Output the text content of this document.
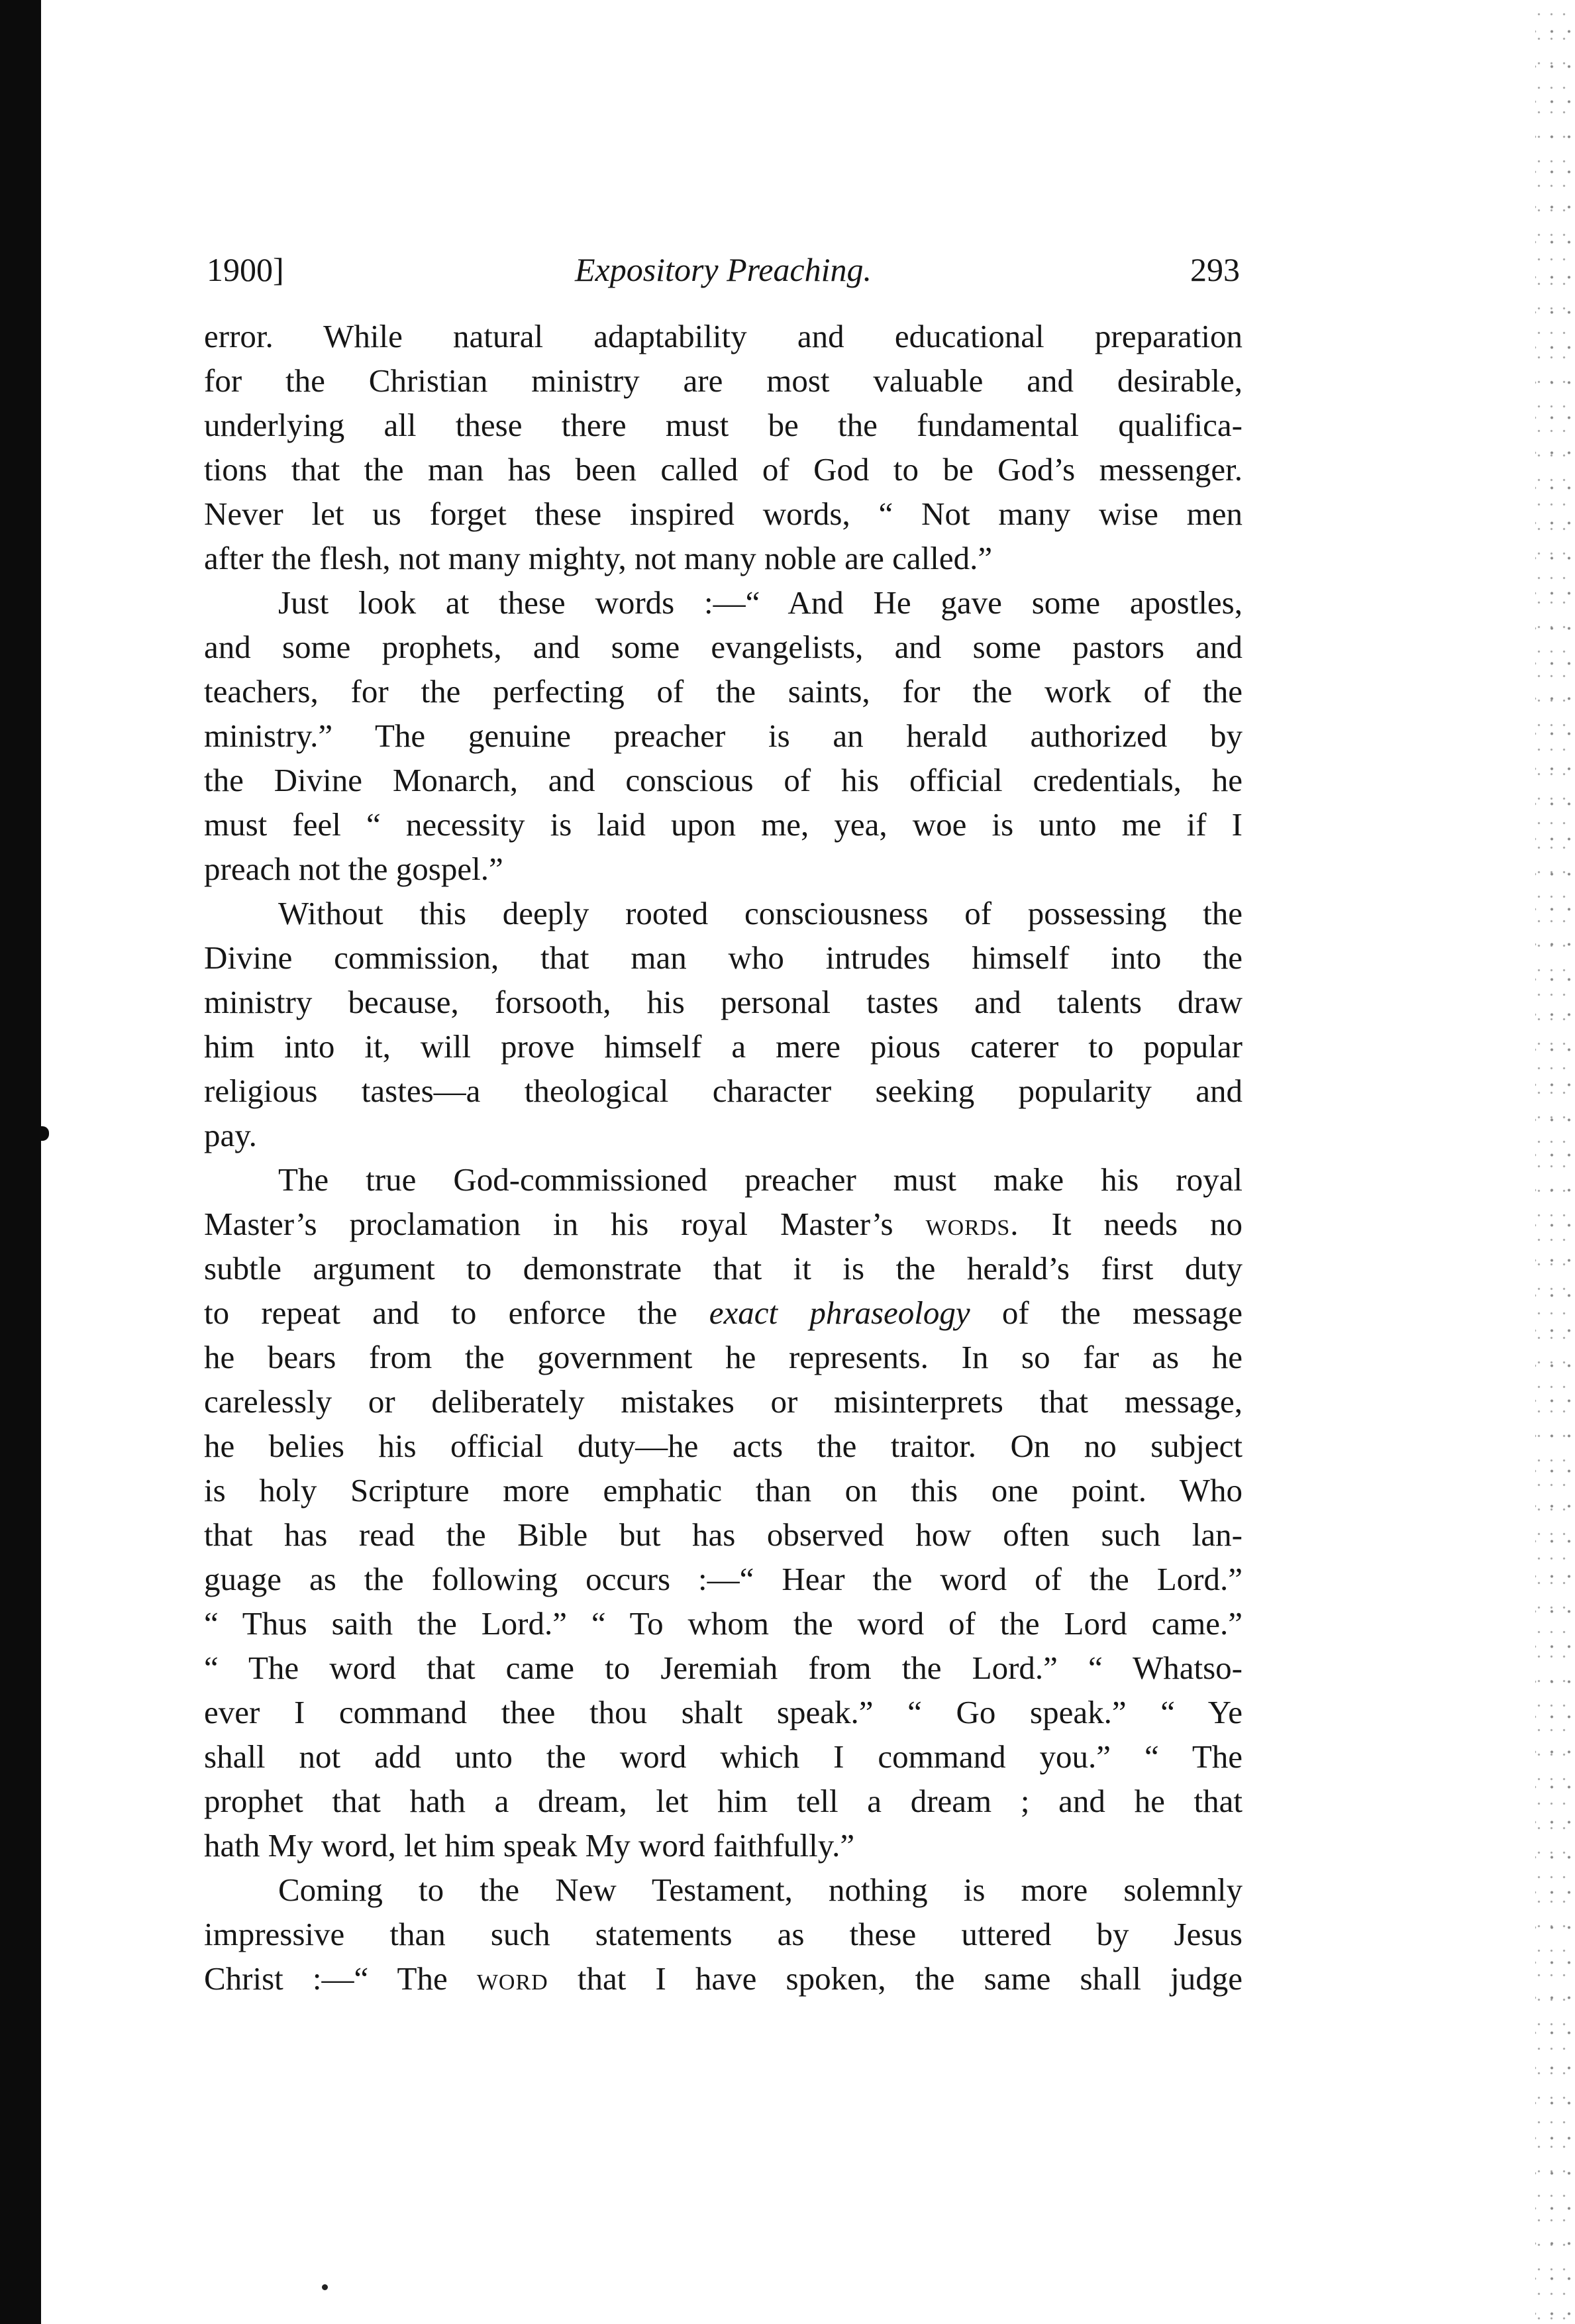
1900]	Expository Preaching.	293
error. While natural adaptability and educational preparation
for the Christian ministry are most valuable and desirable,
underlying all these there must be the fundamental qualifica-
tions that the man has been called of God to be God’s messenger.
Never let us forget these inspired words, “ Not many wise men
after the flesh, not many mighty, not many noble are called.”
Just look at these words :—“ And He gave some apostles,
and some prophets, and some evangelists, and some pastors and
teachers, for the perfecting of the saints, for the work of the
ministry.” The genuine preacher is an herald authorized by
the Divine Monarch, and conscious of his official credentials, he
must feel “ necessity is laid upon me, yea, woe is unto me if I
preach not the gospel.”
Without this deeply rooted consciousness of possessing the
Divine commission, that man who intrudes himself into the
ministry because, forsooth, his personal tastes and talents draw
him into it, will prove himself a mere pious caterer to popular
religious tastes—a theological character seeking popularity and
pay.
The true God-commissioned preacher must make his royal
Master’s proclamation in his royal Master’s words. It needs no
subtle argument to demonstrate that it is the herald’s first duty
to repeat and to enforce the exact phraseology of the message
he bears from the government he represents. In so far as he
carelessly or deliberately mistakes or misinterprets that message,
he belies his official duty—he acts the traitor. On no subject
is holy Scripture more emphatic than on this one point. Who
that has read the Bible but has observed how often such lan-
guage as the following occurs :—“ Hear the word of the Lord.”
“ Thus saith the Lord.” “ To whom the word of the Lord came.”
“ The word that came to Jeremiah from the Lord.” “ Whatso-
ever I command thee thou shalt speak.” “ Go speak.” “ Ye
shall not add unto the word which I command you.” “ The
prophet that hath a dream, let him tell a dream ; and he that
hath My word, let him speak My word faithfully.”
Coming to the New Testament, nothing is more solemnly
impressive than such statements as these uttered by Jesus
Christ :—“ The word that I have spoken, the same shall judge
